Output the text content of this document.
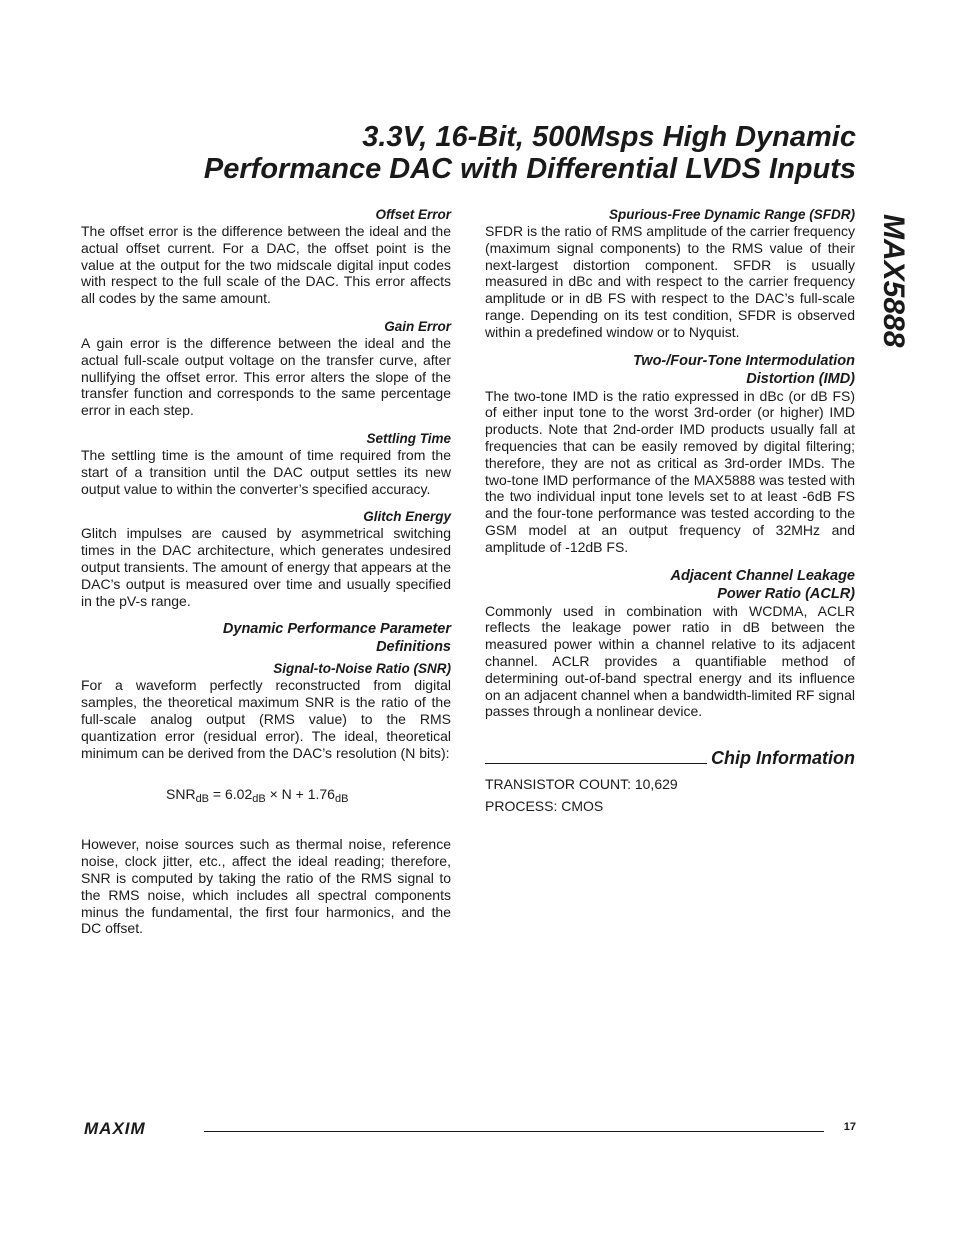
3.3V, 16-Bit, 500Msps High Dynamic
Performance DAC with Differential LVDS Inputs
MAX5888

Offset Error

The offset error is the difference between the ideal and the actual offset current. For a DAC, the offset point is the value at the output for the two midscale digital input codes with respect to the full scale of the DAC. This error affects all codes by the same amount.

Gain Error

A gain error is the difference between the ideal and the actual full-scale output voltage on the transfer curve, after nullifying the offset error. This error alters the slope of the transfer function and corresponds to the same percentage error in each step.

Settling Time

The settling time is the amount of time required from the start of a transition until the DAC output settles its new output value to within the converter’s specified accuracy.

Glitch Energy

Glitch impulses are caused by asymmetrical switching times in the DAC architecture, which generates undesired output transients. The amount of energy that appears at the DAC’s output is measured over time and usually specified in the pV-s range.

Dynamic Performance Parameter
Definitions

Signal-to-Noise Ratio (SNR)

For a waveform perfectly reconstructed from digital samples, the theoretical maximum SNR is the ratio of the full-scale analog output (RMS value) to the RMS quantization error (residual error). The ideal, theoretical minimum can be derived from the DAC’s resolution (N bits):

$SNR_{dB} = 6.02_{dB} \times N + 1.76_{dB}$

However, noise sources such as thermal noise, reference noise, clock jitter, etc., affect the ideal reading; therefore, SNR is computed by taking the ratio of the RMS signal to the RMS noise, which includes all spectral components minus the fundamental, the first four harmonics, and the DC offset.

Spurious-Free Dynamic Range (SFDR)

SFDR is the ratio of RMS amplitude of the carrier frequency (maximum signal components) to the RMS value of their next-largest distortion component. SFDR is usually measured in dBc and with respect to the carrier frequency amplitude or in dB FS with respect to the DAC’s full-scale range. Depending on its test condition, SFDR is observed within a predefined window or to Nyquist.

Two-/Four-Tone Intermodulation
Distortion (IMD)

The two-tone IMD is the ratio expressed in dBc (or dB FS) of either input tone to the worst 3rd-order (or higher) IMD products. Note that 2nd-order IMD products usually fall at frequencies that can be easily removed by digital filtering; therefore, they are not as critical as 3rd-order IMDs. The two-tone IMD performance of the MAX5888 was tested with the two individual input tone levels set to at least -6dB FS and the four-tone performance was tested according to the GSM model at an output frequency of 32MHz and amplitude of -12dB FS.

Adjacent Channel Leakage
Power Ratio (ACLR)

Commonly used in combination with WCDMA, ACLR reflects the leakage power ratio in dB between the measured power within a channel relative to its adjacent channel. ACLR provides a quantifiable method of determining out-of-band spectral energy and its influence on an adjacent channel when a bandwidth-limited RF signal passes through a nonlinear device.

Chip Information

TRANSISTOR COUNT: 10,629

PROCESS: CMOS

MAXIM	17
